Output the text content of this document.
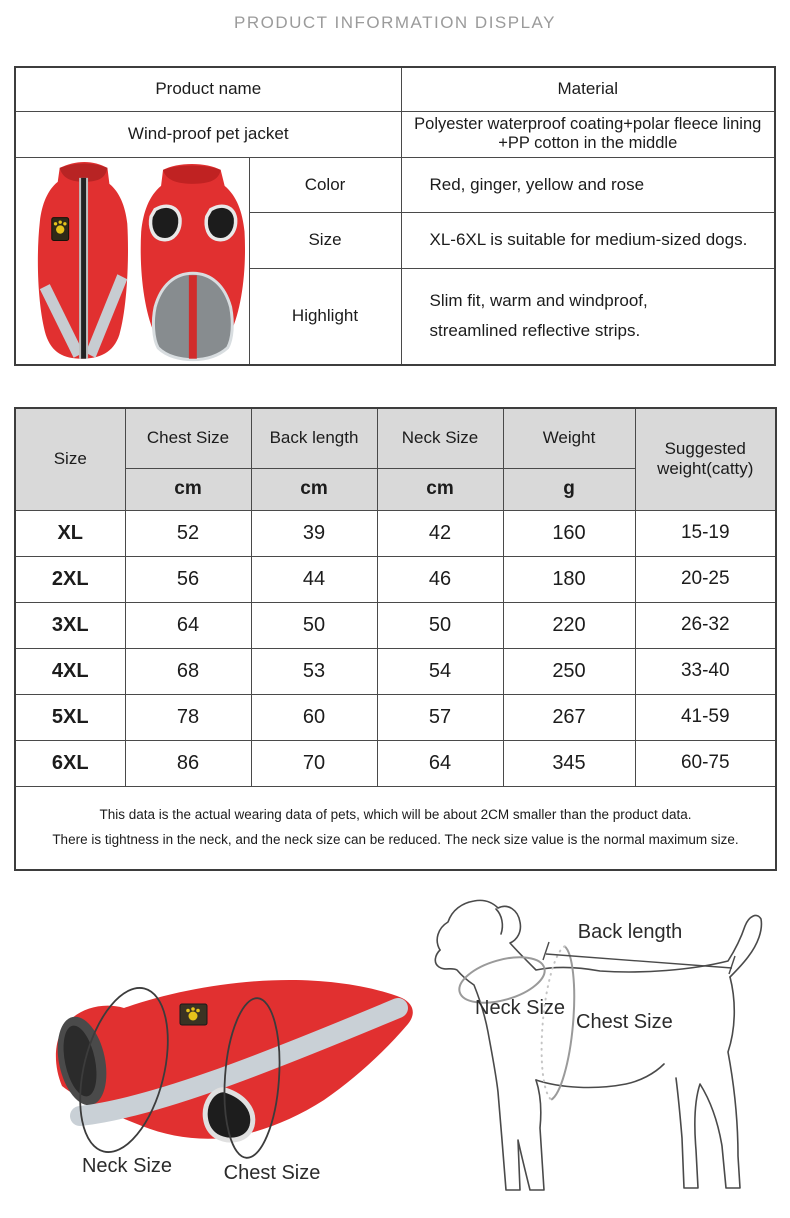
PRODUCT INFORMATION DISPLAY
Product name		Material
Wind-proof pet jacket		Polyester waterproof coating+polar fleece lining +PP cotton in the middle

	Color	Red, ginger, yellow and rose
	Size	XL-6XL is suitable for medium-sized dogs.
	Highlight	Slim fit, warm and windproof, streamlined reflective strips.
Size	Chest Size	Back length	Neck Size	Weight	Suggested weight(catty)
	cm	cm	cm	g	
XL	52	39	42	160	15-19
2XL	56	44	46	180	20-25
3XL	64	50	50	220	26-32
4XL	68	53	54	250	33-40
5XL	78	60	57	267	41-59
6XL	86	70	64	345	60-75

This data is the actual wearing data of pets, which will be about 2CM smaller than the product data.
There is tightness in the neck, and the neck size can be reduced. The neck size value is the normal maximum size.					
Neck Size	Chest Size
Back length
Neck Size
Chest Size
